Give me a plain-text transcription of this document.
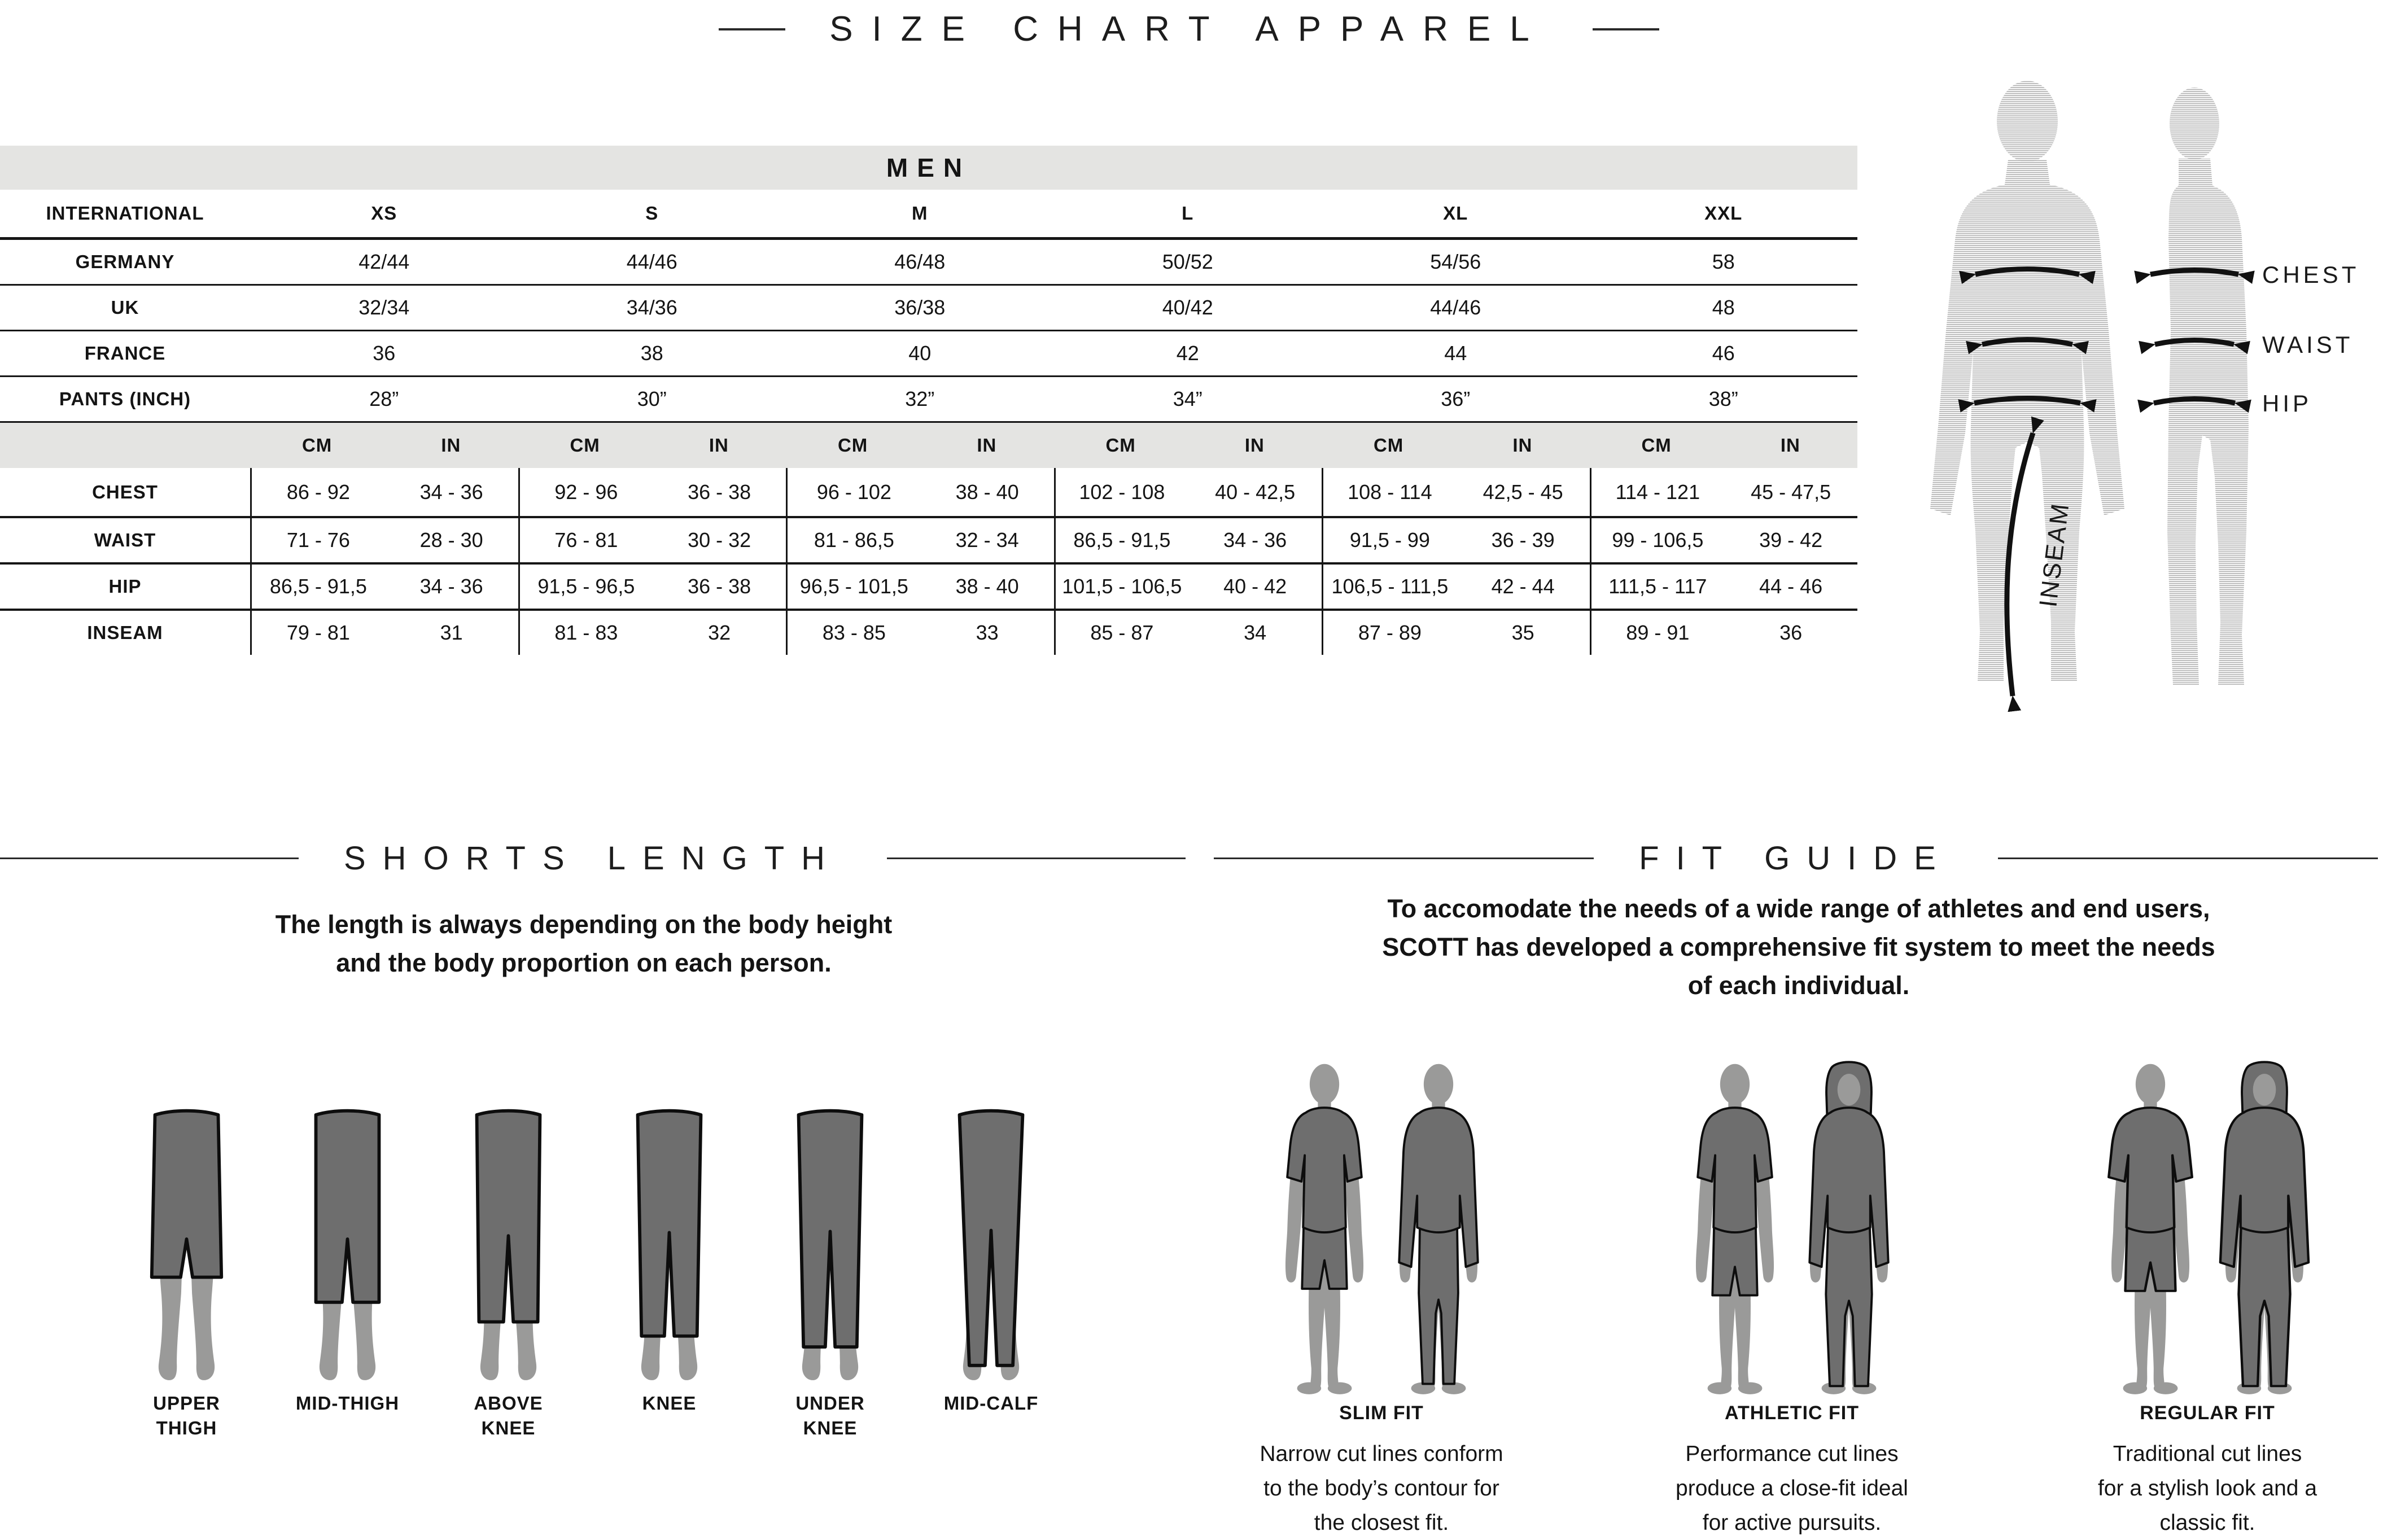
SIZE CHART APPAREL
MEN
INTERNATIONAL	XS	S	M	L	XL	XXL
GERMANY	42/44	44/46	46/48	50/52	54/56	58
UK	32/34	34/36	36/38	40/42	44/46	48
FRANCE	36	38	40	42	44	46
PANTS (INCH)	28”	30”	32”	34”	36”	38”
CM	IN	CM	IN	CM	IN	CM	IN	CM	IN	CM	IN
CHEST	86 - 92	34 - 36	92 - 96	36 - 38	96 - 102	38 - 40	102 - 108	40 - 42,5	108 - 114	42,5 - 45	114 - 121	45 - 47,5
WAIST	71 - 76	28 - 30	76 - 81	30 - 32	81 - 86,5	32 - 34	86,5 - 91,5	34 - 36	91,5 - 99	36 - 39	99 - 106,5	39 - 42
HIP	86,5 - 91,5	34 - 36	91,5 - 96,5	36 - 38	96,5 - 101,5	38 - 40	101,5 - 106,5	40 - 42	106,5 - 111,5	42 - 44	111,5 - 117	44 - 46
INSEAM	79 - 81	31	81 - 83	32	83 - 85	33	85 - 87	34	87 - 89	35	89 - 91	36
CHEST
WAIST
HIP
INSEAM
SHORTS LENGTH
The length is always depending on the body height
and the body proportion on each person.
UPPER
THIGH
MID-THIGH	ABOVE
KNEE
KNEE	UNDER
KNEE
MID-CALF
FIT GUIDE
To accomodate the needs of a wide range of athletes and end users,
SCOTT has developed a comprehensive fit system to meet the needs
of each individual.
SLIM FIT
Narrow cut lines conform
to the body’s contour for
the closest fit.
ATHLETIC FIT
Performance cut lines
produce a close-fit ideal
for active pursuits.
REGULAR FIT
Traditional cut lines
for a stylish look and a
classic fit.
